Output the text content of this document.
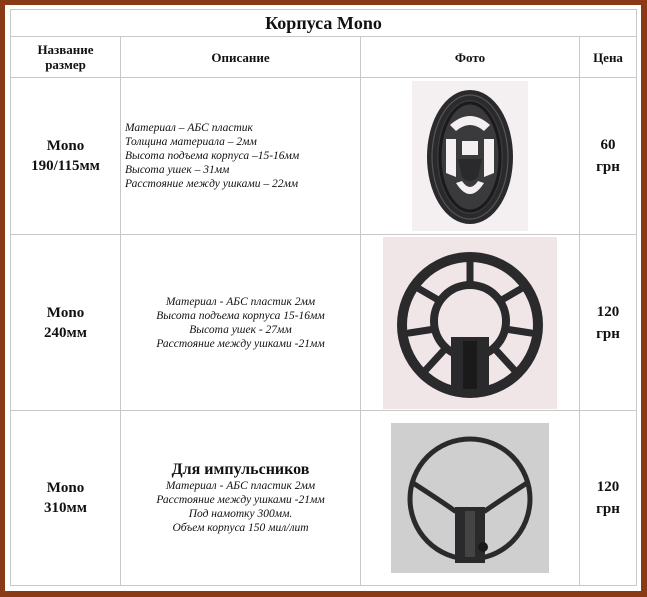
Корпуса Mono			

Название
размер	Описание	Фото	Цена

Mono
190/115мм	Материал – АБС пластик
Толщина материала – 2мм
Высота подъема корпуса –15-16мм
Высота ушек – 31мм
Расстояние между ушками – 22мм		60
грн

Mono
240мм	Материал - АБС пластик 2мм
Высота подъема корпуса 15-16мм
Высота ушек - 27мм
Расстояние между ушками -21мм		120
грн

Mono
310мм	Для импульсников
Материал - АБС пластик 2мм
Расстояние между ушками -21мм
Под намотку 300мм.
Объем корпуса 150 мил/лит		120
грн
